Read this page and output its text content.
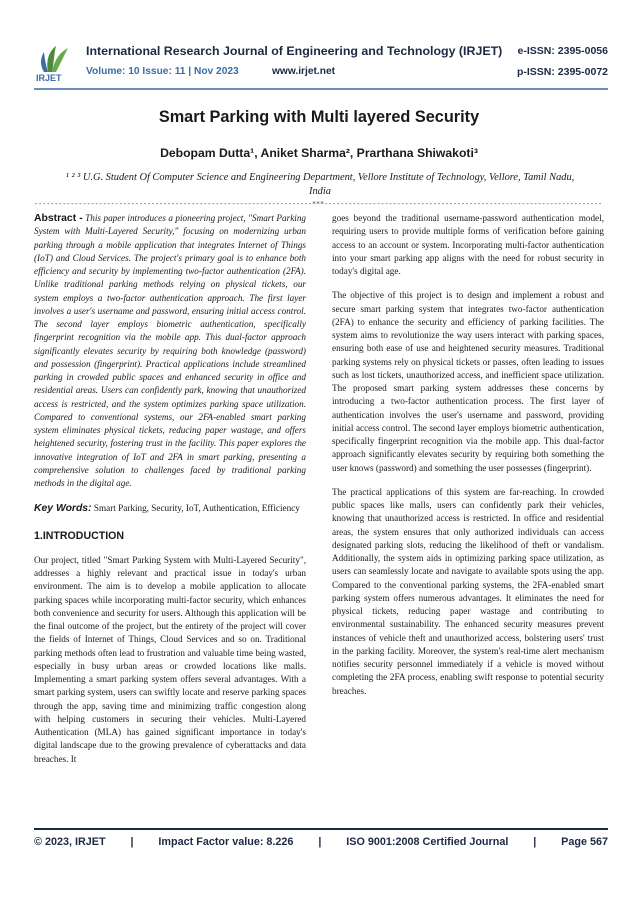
IRJET
International Research Journal of Engineering and Technology (IRJET) e-ISSN: 2395-0056
Volume: 10 Issue: 11 | Nov 2023	www.irjet.net	p-ISSN: 2395-0072
Smart Parking with Multi layered Security
Debopam Dutta¹, Aniket Sharma², Prarthana Shiwakoti³
¹ ² ³ U.G. Student Of Computer Science and Engineering Department, Vellore Institute of Technology, Vellore, Tamil Nadu, India
---------------------------------------------------------------------***---------------------------------------------------------------------
Abstract - This paper introduces a pioneering project, "Smart Parking System with Multi-Layered Security," focusing on modernizing urban parking through a mobile application that integrates Internet of Things (IoT) and Cloud Services. The project's primary goal is to enhance both efficiency and security by implementing two-factor authentication (2FA). Unlike traditional parking methods relying on physical tickets, our system employs a two-factor authentication approach. The first layer involves a user's username and password, ensuring initial access control. The second layer employs biometric authentication, specifically fingerprint recognition via the mobile app. This dual-factor approach significantly elevates security by requiring both knowledge (password) and possession (fingerprint). Practical applications include streamlined parking in crowded public spaces and enhanced security in office and residential areas. Users can confidently park, knowing that unauthorized access is restricted, and the system optimizes parking space utilization. Compared to conventional systems, our 2FA-enabled smart parking system eliminates physical tickets, reducing paper wastage, and offers heightened security, fostering trust in the facility. This paper explores the innovative integration of IoT and 2FA in smart parking, presenting a comprehensive solution to challenges faced by traditional parking methods in the digital age.
Key Words: Smart Parking, Security, IoT, Authentication, Efficiency
1.INTRODUCTION

Our project, titled "Smart Parking System with Multi-Layered Security", addresses a highly relevant and practical issue in today's urban environment. The aim is to develop a mobile application to allocate parking spaces while incorporating multi-factor security, which enhances both convenience and security for users. Although this application will be the final outcome of the project, but the entirety of the project will cover the fields of Internet of Things, Cloud Services and so on. Traditional parking methods often lead to frustration and valuable time being wasted, especially in busy urban areas or crowded locations like malls. Implementing a smart parking system offers several advantages. With a smart parking system, users can swiftly locate and reserve parking spaces through the app, saving time and minimizing traffic congestion along with helping customers in securing their vehicles. Multi-Layered Authentication (MLA) has gained significant importance in today's digital landscape due to the growing prevalence of cyberattacks and data breaches. It

goes beyond the traditional username-password authentication model, requiring users to provide multiple forms of verification before gaining access to an account or system. Incorporating multi-factor authentication into your smart parking app aligns with the need for robust security in today's digital age.

The objective of this project is to design and implement a robust and secure smart parking system that integrates two-factor authentication (2FA) to enhance the security and efficiency of parking facilities. The system aims to revolutionize the way users interact with parking spaces, ensuring both ease of use and heightened security measures. Traditional parking systems rely on physical tickets or passes, often leading to issues such as lost tickets, unauthorized access, and inefficient space utilization. The proposed smart parking system addresses these concerns by introducing a two-factor authentication process. The first layer of authentication involves the user's username and password, providing initial access control. The second layer employs biometric authentication, specifically fingerprint recognition via the mobile app. This dual-factor approach significantly elevates security by requiring both something the user knows (password) and something the user possesses (fingerprint).

The practical applications of this system are far-reaching. In crowded public spaces like malls, users can confidently park their vehicles, knowing that unauthorized access is restricted. In office and residential areas, the system ensures that only authorized individuals can access designated parking slots, reducing the likelihood of theft or vandalism. Additionally, the system aids in optimizing parking space utilization, as users can seamlessly locate and navigate to available spots using the app. Compared to the conventional parking systems, the 2FA-enabled smart parking system offers numerous advantages. It eliminates the need for physical tickets, reducing paper wastage and contributing to environmental sustainability. The enhanced security measures prevent instances of vehicle theft and unauthorized access, bolstering users' trust in the parking facility. Moreover, the system's real-time alert mechanism notifies security personnel immediately if a vehicle is moved without completing the 2FA process, enabling swift response to potential security breaches.

© 2023, IRJET | Impact Factor value: 8.226 | ISO 9001:2008 Certified Journal | Page 567
